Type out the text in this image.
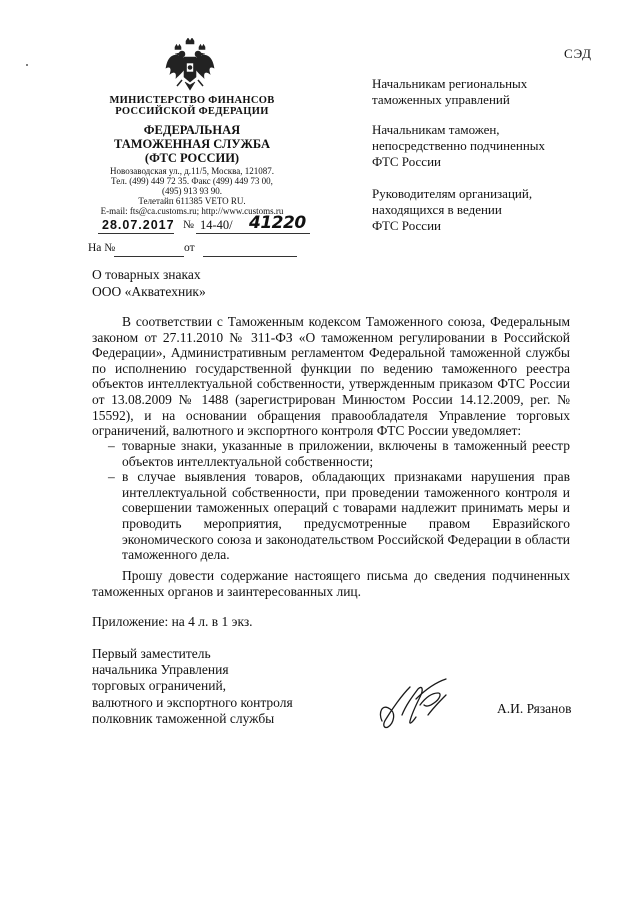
СЭД
МИНИСТЕРСТВО ФИНАНСОВ
РОССИЙСКОЙ ФЕДЕРАЦИИ
ФЕДЕРАЛЬНАЯ
ТАМОЖЕННАЯ СЛУЖБА
(ФТС РОССИИ)
Новозаводская ул., д.11/5, Москва, 121087.
Тел. (499) 449 72 35. Факс (499) 449 73 00,
(495) 913 93 90.
Телетайп 611385 VETO RU.
E-mail: fts@ca.customs.ru; http://www.customs.ru
28.07.2017 № 14-40/ 41220
На №	от
Начальникам региональных
таможенных управлений
Начальникам таможен,
непосредственно подчиненных
ФТС России
Руководителям организаций,
находящихся в ведении
ФТС России
О товарных знаках
ООО «Акватехник»
В соответствии с Таможенным кодексом Таможенного союза, Федеральным законом от 27.11.2010 № 311-ФЗ «О таможенном регулировании в Российской Федерации», Административным регламентом Федеральной таможенной службы по исполнению государственной функции по ведению таможенного реестра объектов интеллектуальной собственности, утвержденным приказом ФТС России от 13.08.2009 № 1488 (зарегистрирован Минюстом России 14.12.2009, рег. № 15592), и на основании обращения правообладателя Управление торговых ограничений, валютного и экспортного контроля ФТС России уведомляет:

– товарные знаки, указанные в приложении, включены в таможенный реестр объектов интеллектуальной собственности;

– в случае выявления товаров, обладающих признаками нарушения прав интеллектуальной собственности, при проведении таможенного контроля и совершении таможенных операций с товарами надлежит принимать меры и проводить мероприятия, предусмотренные правом Евразийского экономического союза и законодательством Российской Федерации в области таможенного дела.

Прошу довести содержание настоящего письма до сведения подчиненных таможенных органов и заинтересованных лиц.
Приложение: на 4 л. в 1 экз.
Первый заместитель
начальника Управления
торговых ограничений,
валютного и экспортного контроля
полковник таможенной службы
А.И. Рязанов
